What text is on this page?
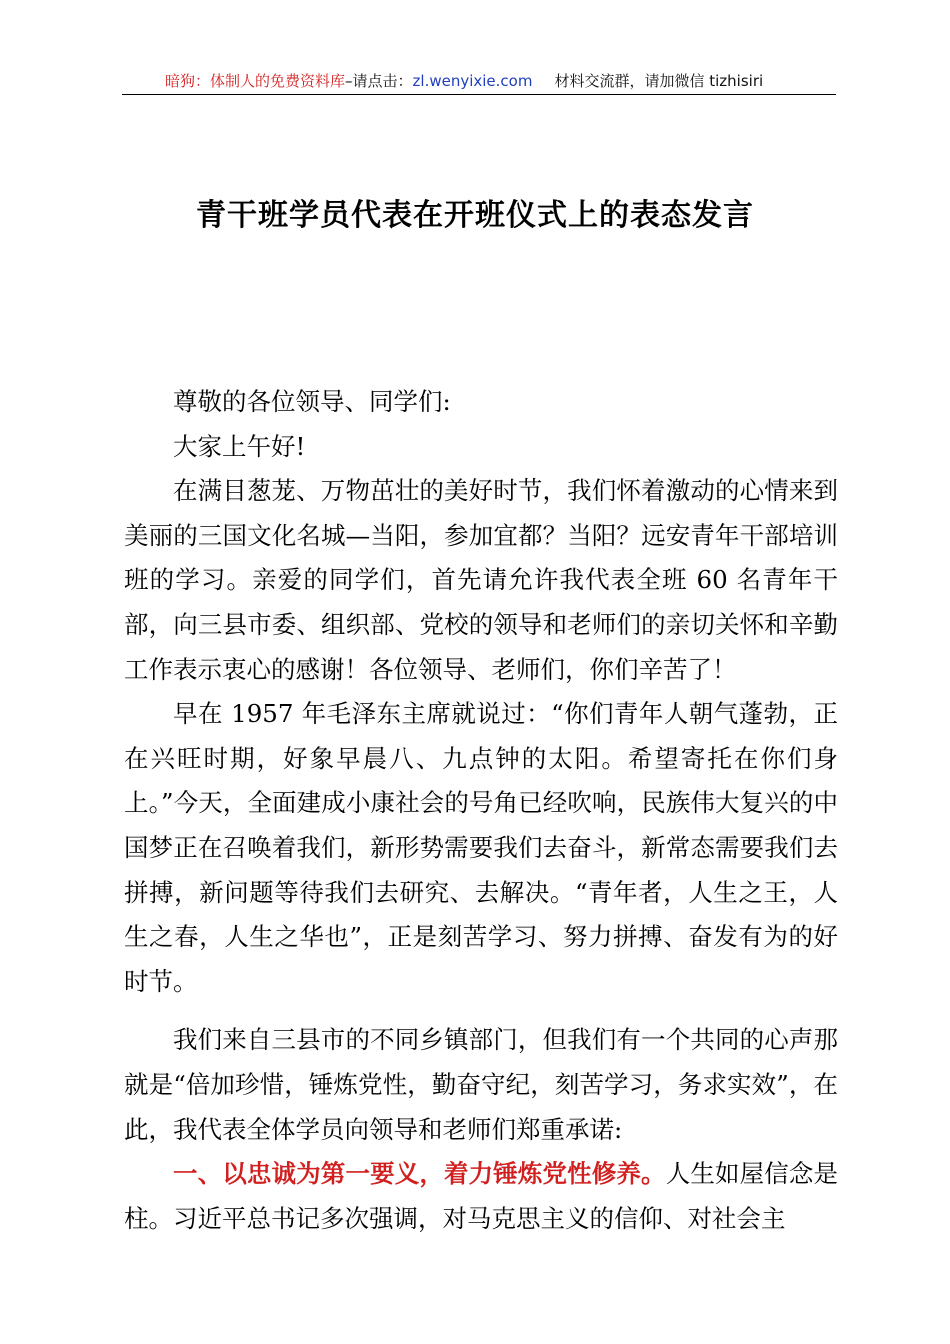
暗狗：体制人的免费资料库–请点击：zl.wenyixie.com 材料交流群，请加微信 tizhisiri
青干班学员代表在开班仪式上的表态发言

尊敬的各位领导、同学们:

大家上午好!

在满目葱茏、万物茁壮的美好时节，我们怀着激动的心情来到美丽的三国文化名城—当阳，参加宜都？当阳？远安青年干部培训班的学习。亲爱的同学们，首先请允许我代表全班 60 名青年干部，向三县市委、组织部、党校的领导和老师们的亲切关怀和辛勤工作表示衷心的感谢！各位领导、老师们，你们辛苦了！

早在 1957 年毛泽东主席就说过：“你们青年人朝气蓬勃，正在兴旺时期，好象早晨八、九点钟的太阳。希望寄托在你们身上。”今天，全面建成小康社会的号角已经吹响，民族伟大复兴的中国梦正在召唤着我们，新形势需要我们去奋斗，新常态需要我们去拼搏，新问题等待我们去研究、去解决。“青年者，人生之王，人生之春，人生之华也”，正是刻苦学习、努力拼搏、奋发有为的好时节。

我们来自三县市的不同乡镇部门，但我们有一个共同的心声那就是“倍加珍惜，锤炼党性，勤奋守纪，刻苦学习，务求实效”，在此，我代表全体学员向领导和老师们郑重承诺:

一、以忠诚为第一要义，着力锤炼党性修养。人生如屋信念是柱。习近平总书记多次强调，对马克思主义的信仰、对社会主
